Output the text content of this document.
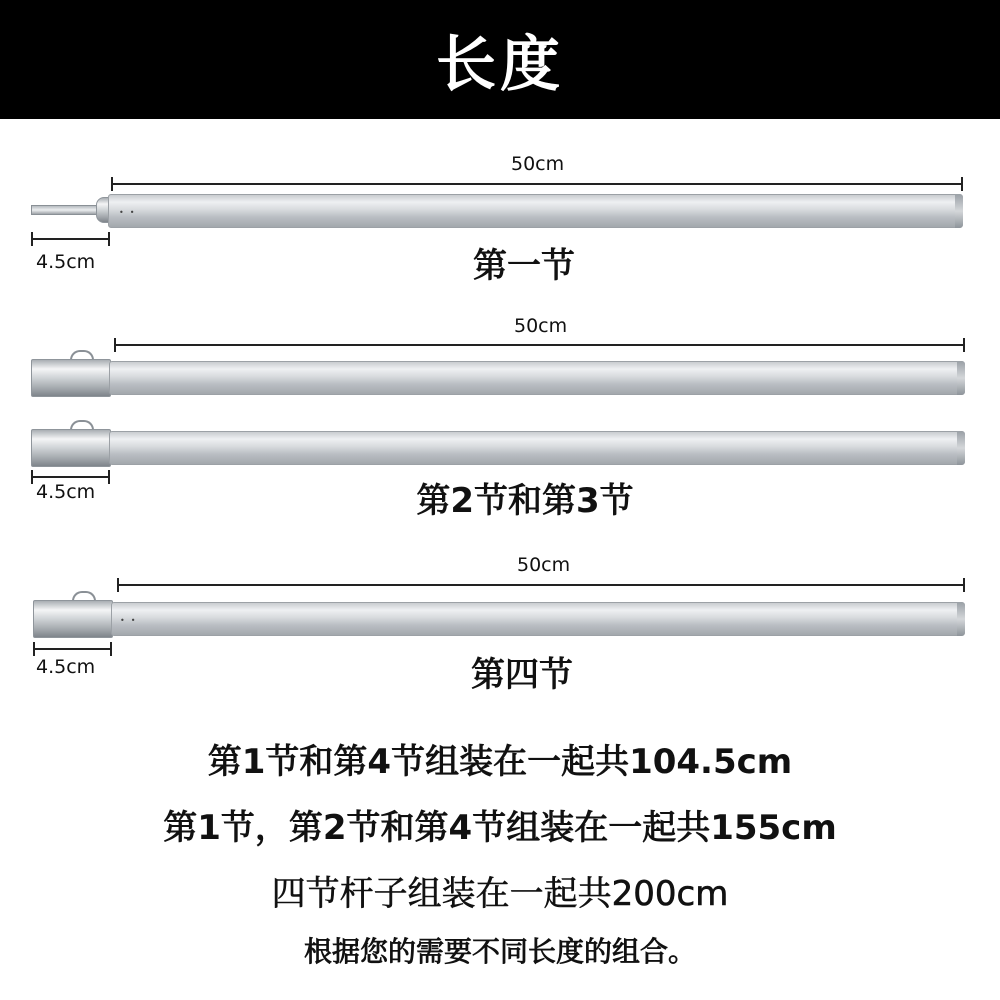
长度
50cm
••
4.5cm	第一节
50cm
4.5cm	第2节和第3节
50cm
••
4.5cm	第四节
第1节和第4节组装在一起共104.5cm
第1节，第2节和第4节组装在一起共155cm
四节杆子组装在一起共200cm
根据您的需要不同长度的组合。
